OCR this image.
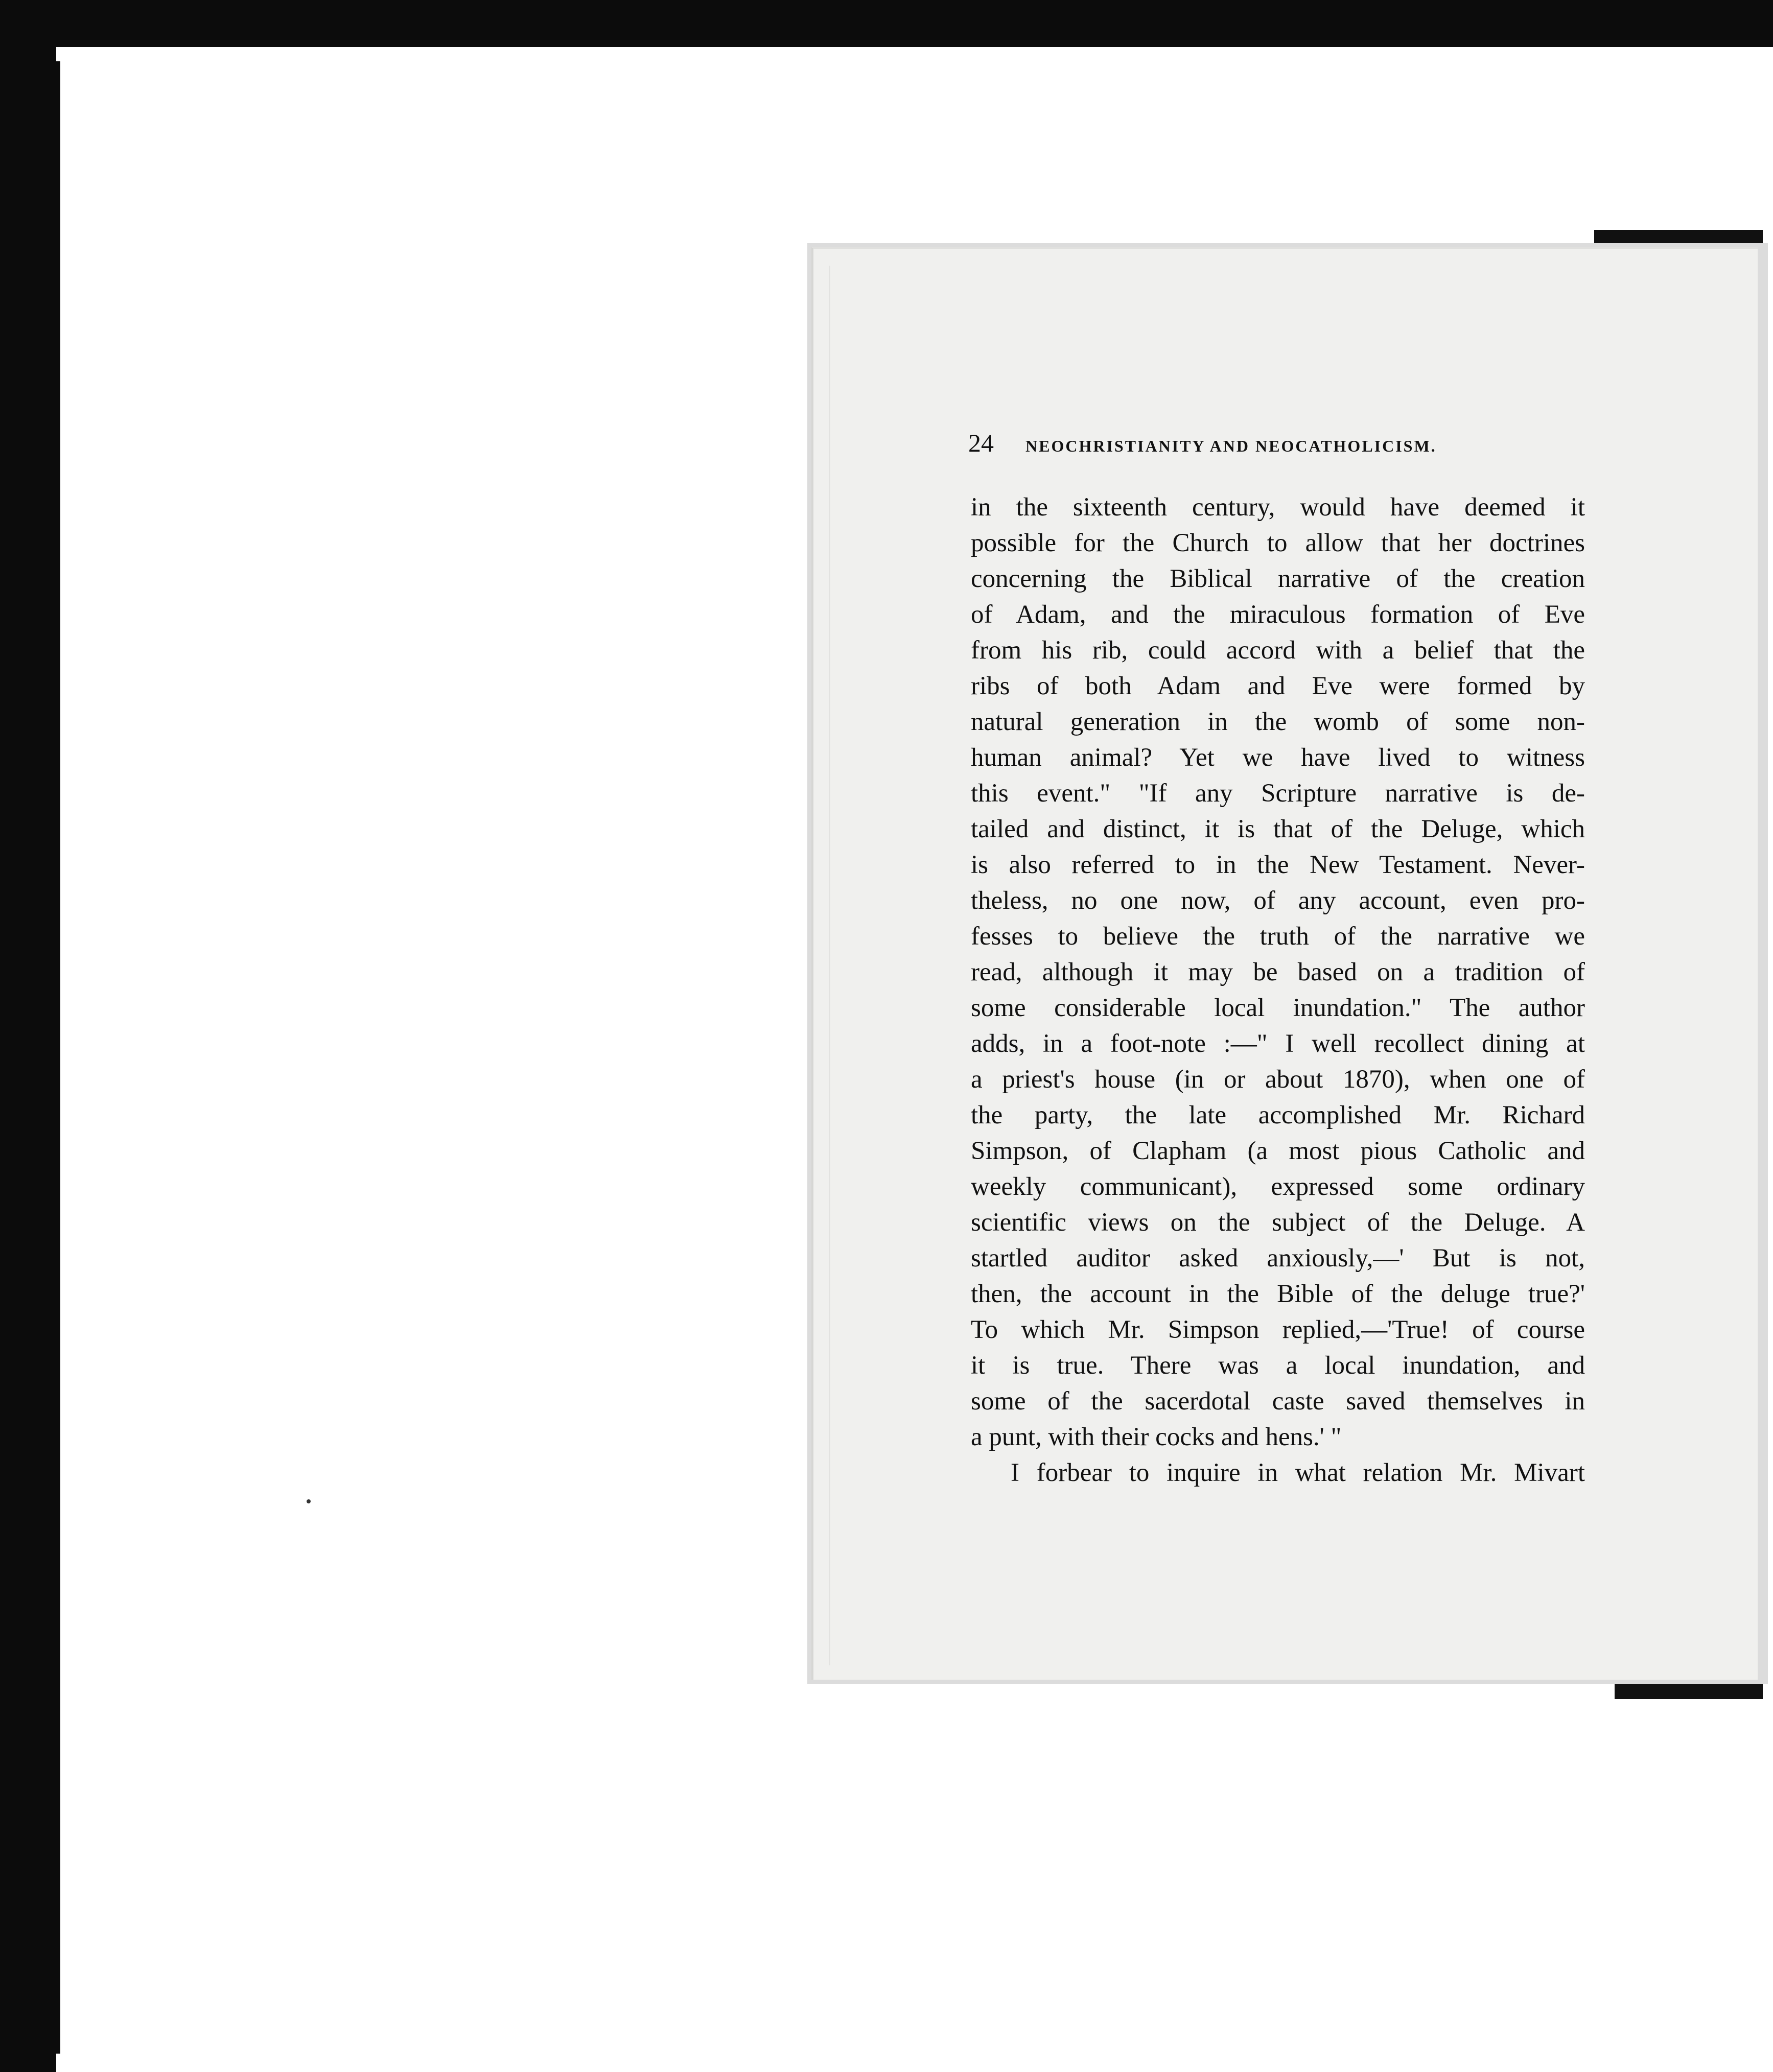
24 NEOCHRISTIANITY AND NEOCATHOLICISM.
in the sixteenth century, would have deemed it
possible for the Church to allow that her doctrines
concerning the Biblical narrative of the creation
of Adam, and the miraculous formation of Eve
from his rib, could accord with a belief that the
ribs of both Adam and Eve were formed by
natural generation in the womb of some non-
human animal? Yet we have lived to witness
this event." "If any Scripture narrative is de-
tailed and distinct, it is that of the Deluge, which
is also referred to in the New Testament. Never-
theless, no one now, of any account, even pro-
fesses to believe the truth of the narrative we
read, although it may be based on a tradition of
some considerable local inundation." The author
adds, in a foot-note :—" I well recollect dining at
a priest's house (in or about 1870), when one of
the party, the late accomplished Mr. Richard
Simpson, of Clapham (a most pious Catholic and
weekly communicant), expressed some ordinary
scientific views on the subject of the Deluge. A
startled auditor asked anxiously,—' But is not,
then, the account in the Bible of the deluge true?'
To which Mr. Simpson replied,—'True! of course
it is true. There was a local inundation, and
some of the sacerdotal caste saved themselves in
a punt, with their cocks and hens.' "
I forbear to inquire in what relation Mr. Mivart
